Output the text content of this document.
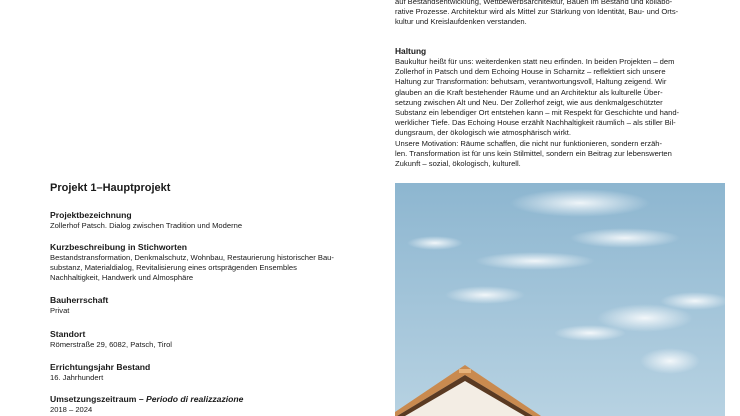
auf Bestandsentwicklung, Wettbewerbsarchitektur, Bauen im Bestand und kollabo-

rative Prozesse. Architektur wird als Mittel zur Stärkung von Identität, Bau- und Orts-

kultur und Kreislaufdenken verstanden.

Haltung

Baukultur heißt für uns: weiterdenken statt neu erfinden. In beiden Projekten – dem

Zollerhof in Patsch und dem Echoing House in Scharnitz – reflektiert sich unsere

Haltung zur Transformation: behutsam, verantwortungsvoll, Haltung zeigend. Wir

glauben an die Kraft bestehender Räume und an Architektur als kulturelle Über-

setzung zwischen Alt und Neu. Der Zollerhof zeigt, wie aus denkmalgeschützter

Substanz ein lebendiger Ort entstehen kann – mit Respekt für Geschichte und hand-

werklicher Tiefe. Das Echoing House erzählt Nachhaltigkeit räumlich – als stiller Bil-

dungsraum, der ökologisch wie atmosphärisch wirkt.

Unsere Motivation: Räume schaffen, die nicht nur funktionieren, sondern erzäh-

len. Transformation ist für uns kein Stilmittel, sondern ein Beitrag zur lebenswerten

Zukunft – sozial, ökologisch, kulturell.

Projekt 1–Hauptprojekt

Projektbezeichnung
Zollerhof Patsch. Dialog zwischen Tradition und Moderne
Kurzbeschreibung in Stichworten
Bestandstransformation, Denkmalschutz, Wohnbau, Restaurierung historischer Bau-
substanz, Materialdialog, Revitalisierung eines ortsprägenden Ensembles
Nachhaltigkeit, Handwerk und Almosphäre
Bauherrschaft
Privat
Standort
Römerstraße 29, 6082, Patsch, Tirol
Errichtungsjahr Bestand
16. Jahrhundert
Umsetzungszeitraum – Periodo di realizzazione
2018 – 2024
